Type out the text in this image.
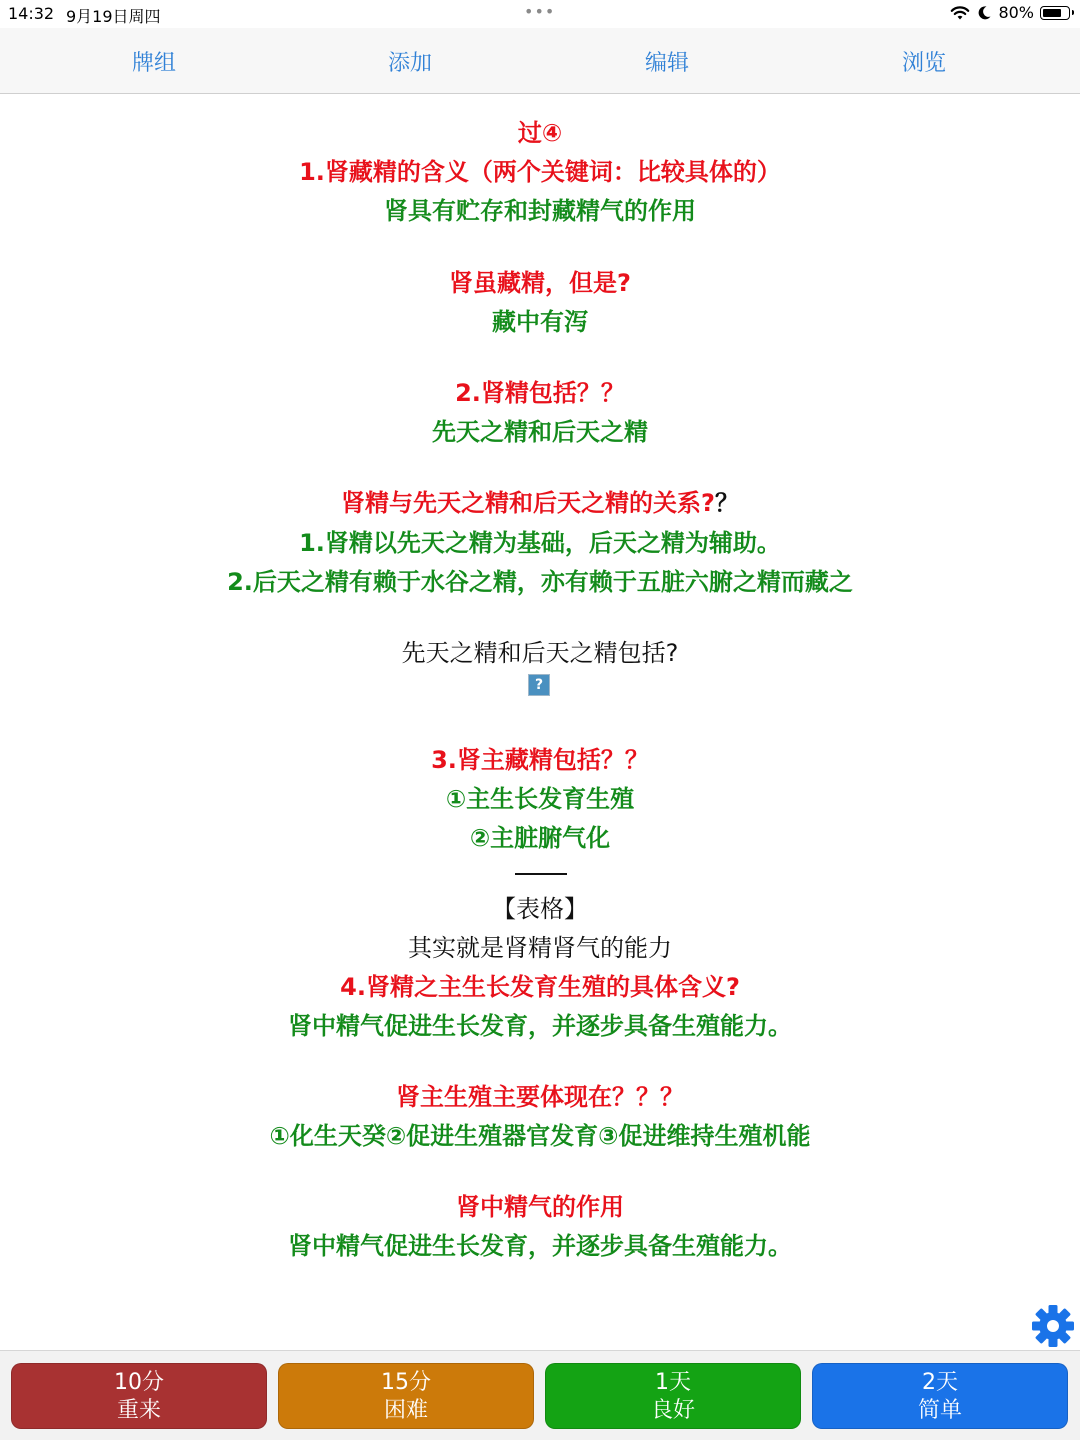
14:32 9月19日周四	•••	80%
牌组	添加	编辑	浏览
过④
1.肾藏精的含义（两个关键词：比较具体的）
肾具有贮存和封藏精气的作用
肾虽藏精，但是?
藏中有泻
2.肾精包括？？
先天之精和后天之精
肾精与先天之精和后天之精的关系?？
1.肾精以先天之精为基础，后天之精为辅助。
2.后天之精有赖于水谷之精，亦有赖于五脏六腑之精而藏之
先天之精和后天之精包括?
?
3.肾主藏精包括？？
①主生长发育生殖
②主脏腑气化
【表格】
其实就是肾精肾气的能力
4.肾精之主生长发育生殖的具体含义?
肾中精气促进生长发育，并逐步具备生殖能力。
肾主生殖主要体现在？？？
①化生天癸②促进生殖器官发育③促进维持生殖机能
肾中精气的作用
肾中精气促进生长发育，并逐步具备生殖能力。
10分
重来
15分
困难
1天
良好
2天
简单
